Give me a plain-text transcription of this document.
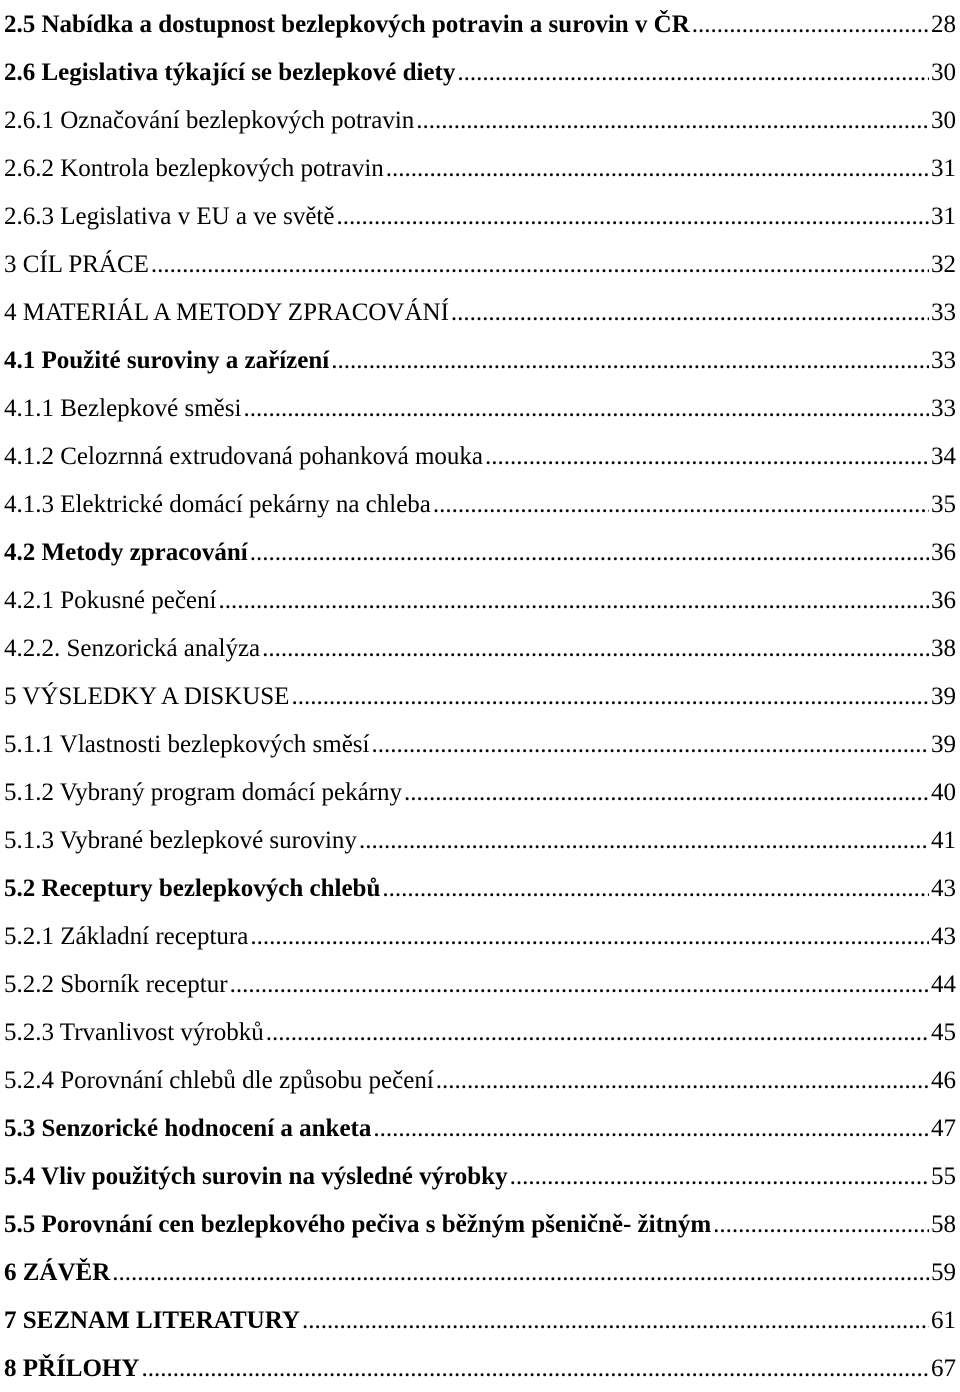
2.5 Nabídka a dostupnost bezlepkových potravin a surovin v ČR .....	28
2.6 Legislativa týkající se bezlepkové diety .....	30
2.6.1 Označování bezlepkových potravin .....	30
2.6.2 Kontrola bezlepkových potravin .....	31
2.6.3 Legislativa v EU a ve světě .....	31
3 CÍL PRÁCE .....	32
4 MATERIÁL A METODY ZPRACOVÁNÍ .....	33
4.1 Použité suroviny a zařízení .....	33
4.1.1 Bezlepkové směsi .....	33
4.1.2 Celozrnná extrudovaná pohanková mouka .....	34
4.1.3 Elektrické domácí pekárny na chleba .....	35
4.2 Metody zpracování .....	36
4.2.1 Pokusné pečení .....	36
4.2.2. Senzorická analýza .....	38
5 VÝSLEDKY A DISKUSE .....	39
5.1.1 Vlastnosti bezlepkových směsí .....	39
5.1.2 Vybraný program domácí pekárny .....	40
5.1.3 Vybrané bezlepkové suroviny .....	41
5.2 Receptury bezlepkových chlebů .....	43
5.2.1 Základní receptura .....	43
5.2.2 Sborník receptur .....	44
5.2.3 Trvanlivost výrobků .....	45
5.2.4 Porovnání chlebů dle způsobu pečení .....	46
5.3 Senzorické hodnocení a anketa .....	47
5.4 Vliv použitých surovin na výsledné výrobky .....	55
5.5 Porovnání cen bezlepkového pečiva s běžným pšeničně- žitným .....	58
6 ZÁVĚR .....	59
7 SEZNAM LITERATURY .....	61
8 PŘÍLOHY .....	67
